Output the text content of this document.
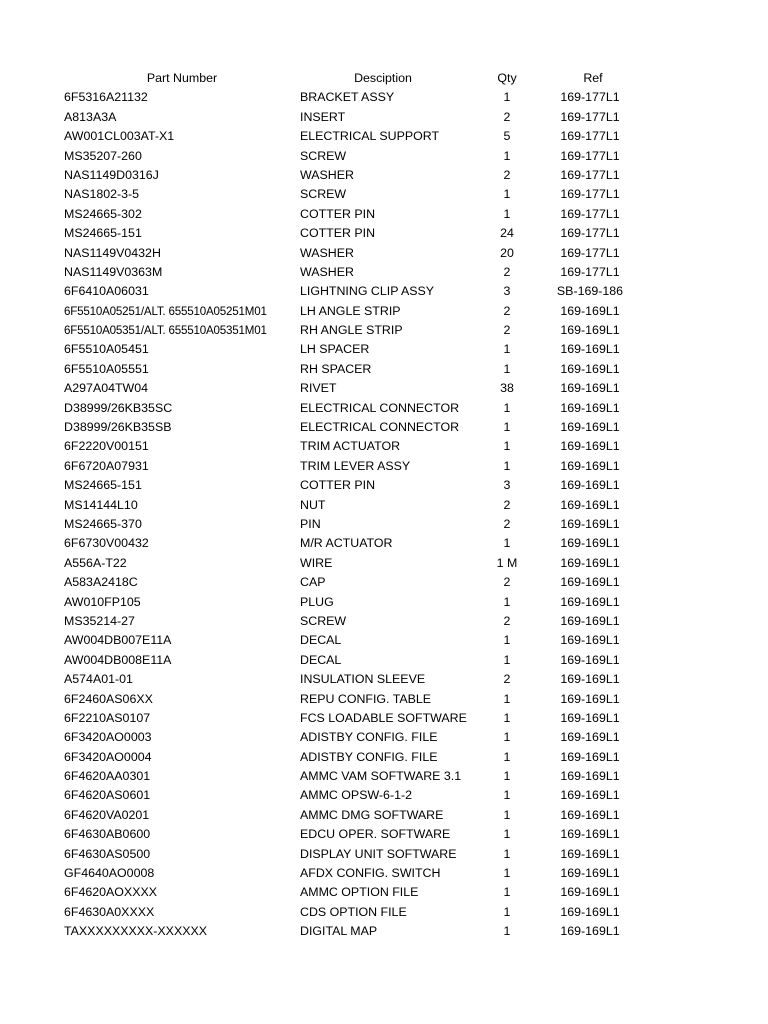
Part Number	Desciption	Qty	Ref
6F5316A21132	BRACKET ASSY	1	169-177L1
A813A3A	INSERT	2	169-177L1
AW001CL003AT-X1	ELECTRICAL SUPPORT	5	169-177L1
MS35207-260	SCREW	1	169-177L1
NAS1149D0316J	WASHER	2	169-177L1
NAS1802-3-5	SCREW	1	169-177L1
MS24665-302	COTTER PIN	1	169-177L1
MS24665-151	COTTER PIN	24	169-177L1
NAS1149V0432H	WASHER	20	169-177L1
NAS1149V0363M	WASHER	2	169-177L1
6F6410A06031	LIGHTNING CLIP ASSY	3	SB-169-186
6F5510A05251/ALT. 655510A05251M01	LH ANGLE STRIP	2	169-169L1
6F5510A05351/ALT. 655510A05351M01	RH ANGLE STRIP	2	169-169L1
6F5510A05451	LH SPACER	1	169-169L1
6F5510A05551	RH SPACER	1	169-169L1
A297A04TW04	RIVET	38	169-169L1
D38999/26KB35SC	ELECTRICAL CONNECTOR	1	169-169L1
D38999/26KB35SB	ELECTRICAL CONNECTOR	1	169-169L1
6F2220V00151	TRIM ACTUATOR	1	169-169L1
6F6720A07931	TRIM LEVER ASSY	1	169-169L1
MS24665-151	COTTER PIN	3	169-169L1
MS14144L10	NUT	2	169-169L1
MS24665-370	PIN	2	169-169L1
6F6730V00432	M/R ACTUATOR	1	169-169L1
A556A-T22	WIRE	1 M	169-169L1
A583A2418C	CAP	2	169-169L1
AW010FP105	PLUG	1	169-169L1
MS35214-27	SCREW	2	169-169L1
AW004DB007E11A	DECAL	1	169-169L1
AW004DB008E11A	DECAL	1	169-169L1
A574A01-01	INSULATION SLEEVE	2	169-169L1
6F2460AS06XX	REPU CONFIG. TABLE	1	169-169L1
6F2210AS0107	FCS LOADABLE SOFTWARE	1	169-169L1
6F3420AO0003	ADISTBY CONFIG. FILE	1	169-169L1
6F3420AO0004	ADISTBY CONFIG. FILE	1	169-169L1
6F4620AA0301	AMMC VAM SOFTWARE 3.1	1	169-169L1
6F4620AS0601	AMMC OPSW-6-1-2	1	169-169L1
6F4620VA0201	AMMC DMG SOFTWARE	1	169-169L1
6F4630AB0600	EDCU OPER. SOFTWARE	1	169-169L1
6F4630AS0500	DISPLAY UNIT SOFTWARE	1	169-169L1
GF4640AO0008	AFDX CONFIG. SWITCH	1	169-169L1
6F4620AOXXXX	AMMC OPTION FILE	1	169-169L1
6F4630A0XXXX	CDS OPTION FILE	1	169-169L1
TAXXXXXXXXX-XXXXXX	DIGITAL MAP	1	169-169L1
